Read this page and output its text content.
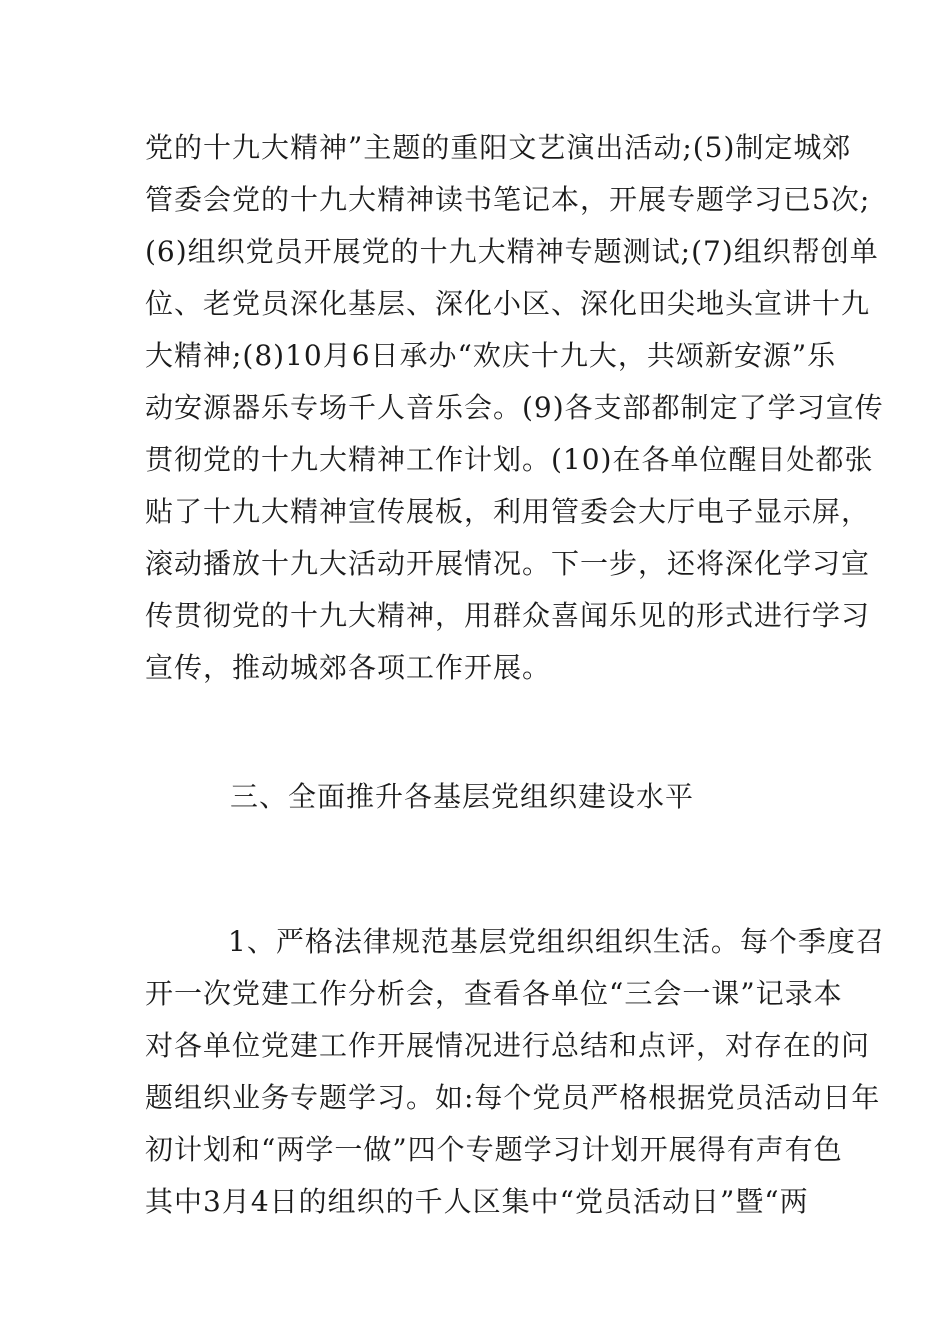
党的十九大精神”主题的重阳文艺演出活动;(5)制定城郊
管委会党的十九大精神读书笔记本，开展专题学习已5次;
(6)组织党员开展党的十九大精神专题测试;(7)组织帮创单
位、老党员深化基层、深化小区、深化田尖地头宣讲十九
大精神;(8)10月6日承办“欢庆十九大，共颂新安源”乐
动安源器乐专场千人音乐会。(9)各支部都制定了学习宣传
贯彻党的十九大精神工作计划。(10)在各单位醒目处都张
贴了十九大精神宣传展板，利用管委会大厅电子显示屏，
滚动播放十九大活动开展情况。下一步，还将深化学习宣
传贯彻党的十九大精神，用群众喜闻乐见的形式进行学习
宣传，推动城郊各项工作开展。
三、全面推升各基层党组织建设水平
1、严格法律规范基层党组织组织生活。每个季度召
开一次党建工作分析会，查看各单位“三会一课”记录本
对各单位党建工作开展情况进行总结和点评，对存在的问
题组织业务专题学习。如:每个党员严格根据党员活动日年
初计划和“两学一做”四个专题学习计划开展得有声有色
其中3月4日的组织的千人区集中“党员活动日”暨“两
